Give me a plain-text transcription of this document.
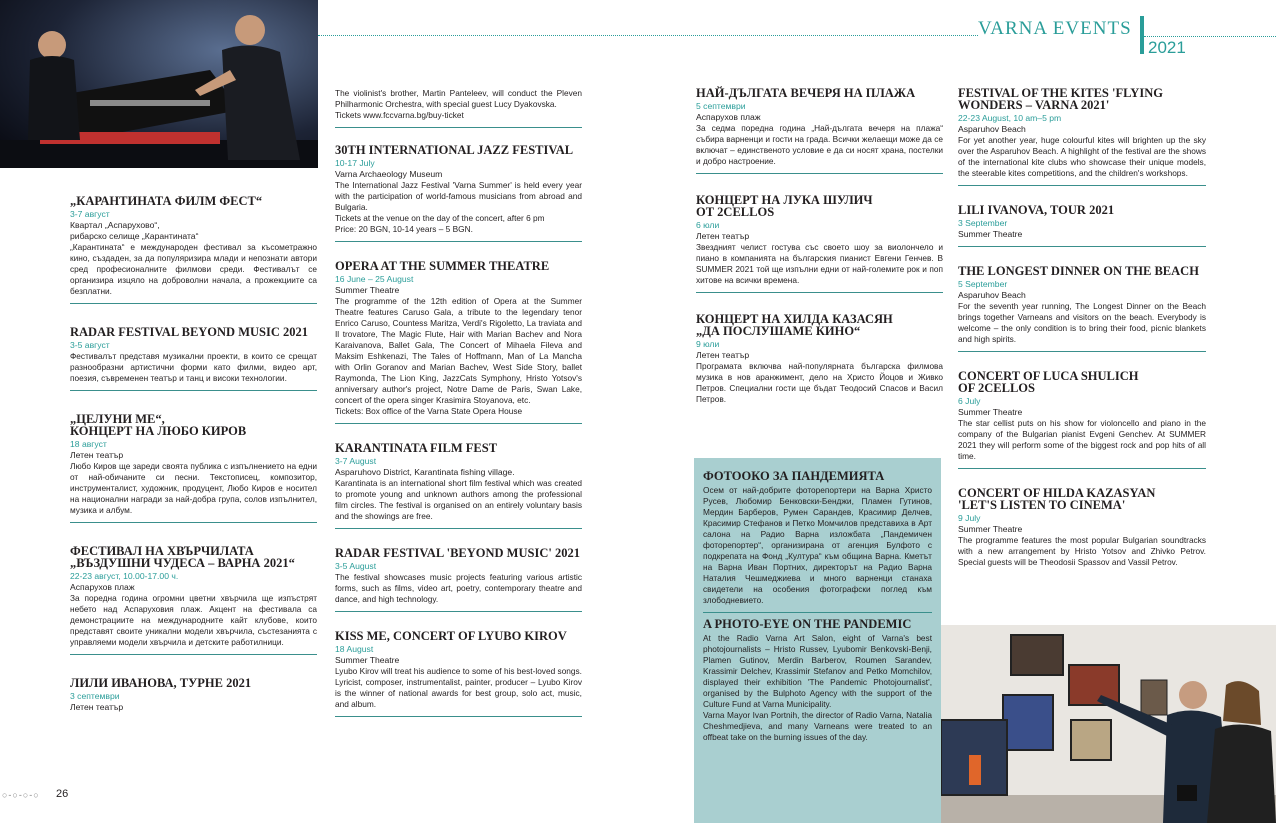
VARNA EVENTS
2021
„КАРАНТИНАТА ФИЛМ ФЕСТ“
3-7 август
Квартал „Аспарухово“,
рибарско селище „Карантината“
„Карантината“ е международен фестивал за късометражно кино, създаден, за да популяризира млади и непознати автори сред професионалните филмови среди. Фестивалът се организира изцяло на доброволни начала, а прожекциите са безплатни.
RADAR FESTIVAL BEYOND MUSIC 2021
3-5 август
Фестивалът представя музикални проекти, в които се срещат разнообразни артистични форми като филми, видео арт, поезия, съвременен театър и танц и високи технологии.
„ЦЕЛУНИ МЕ“,
КОНЦЕРТ НА ЛЮБО КИРОВ
18 август
Летен театър
Любо Киров ще зареди своята публика с изпълнението на едни от най-обичаните си песни. Текстописец, композитор, инструменталист, художник, продуцент, Любо Киров е носител на национални награди за най-добра група, солов изпълнител, музика и албум.
ФЕСТИВАЛ НА ХВЪРЧИЛАТА
„ВЪЗДУШНИ ЧУДЕСА – ВАРНА 2021“
22-23 август, 10.00-17.00 ч.
Аспарухов плаж
За поредна година огромни цветни хвърчила ще изпъстрят небето над Аспаруховия плаж. Акцент на фестивала са демонстрациите на международните кайт клубове, които представят своите уникални модели хвърчила, състезанията с управляеми модели хвърчила и детските работилници.
ЛИЛИ ИВАНОВА, ТУРНЕ 2021
3 септември
Летен театър
The violinist's brother, Martin Panteleev, will conduct the Pleven Philharmonic Orchestra, with special guest Lucy Dyakovska.
Tickets www.fccvarna.bg/buy-ticket
30TH INTERNATIONAL JAZZ FESTIVAL
10-17 July
Varna Archaeology Museum
The International Jazz Festival 'Varna Summer' is held every year with the participation of world-famous musicians from abroad and Bulgaria.
Tickets at the venue on the day of the concert, after 6 pm
Price: 20 BGN, 10-14 years – 5 BGN.
OPERA AT THE SUMMER THEATRE
16 June – 25 August
Summer Theatre
The programme of the 12th edition of Opera at the Summer Theatre features Caruso Gala, a tribute to the legendary tenor Enrico Caruso, Countess Maritza, Verdi's Rigoletto, La traviata and Il trovatore, The Magic Flute, Hair with Marian Bachev and Nora Karaivanova, Ballet Gala, The Concert of Mihaela Fileva and Maksim Eshkenazi, The Tales of Hoffmann, Man of La Mancha with Orlin Goranov and Marian Bachev, West Side Story, ballet Raymonda, The Lion King, JazzCats Symphony, Hristo Yotsov's anniversary author's project, Notre Dame de Paris, Swan Lake, concert of the opera singer Krasimira Stoyanova, etc.
Tickets: Box office of the Varna State Opera House
KARANTINATA FILM FEST
3-7 August
Asparuhovo District, Karantinata fishing village.
Karantinata is an international short film festival which was created to promote young and unknown authors among the professional film circles. The festival is organised on an entirely voluntary basis and the showings are free.
RADAR FESTIVAL 'BEYOND MUSIC' 2021
3-5 August
The festival showcases music projects featuring various artistic forms, such as films, video art, poetry, contemporary theatre and dance, and high technology.
KISS ME, CONCERT OF LYUBO KIROV
18 August
Summer Theatre
Lyubo Kirov will treat his audience to some of his best-loved songs. Lyricist, composer, instrumentalist, painter, producer – Lyubo Kirov is the winner of national awards for best group, solo act, music, and album.
НАЙ-ДЪЛГАТА ВЕЧЕРЯ НА ПЛАЖА
5 септември
Аспарухов плаж
За седма поредна година „Най-дългата вечеря на плажа“ събира варненци и гости на града. Всички желаещи може да се включат – единственото условие е да си носят храна, постелки и добро настроение.
КОНЦЕРТ НА ЛУКА ШУЛИЧ
ОТ 2CELLOS
6 юли
Летен театър
Звездният челист гостува със своето шоу за виолончело и пиано в компанията на българския пианист Евгени Генчев. В SUMMER 2021 той ще изпълни едни от най-големите рок и поп хитове на всички времена.
КОНЦЕРТ НА ХИЛДА КАЗАСЯН
„ДА ПОСЛУШАМЕ КИНО“
9 юли
Летен театър
Програмата включва най-популярната българска филмова музика в нов аранжимент, дело на Христо Йоцов и Живко Петров. Специални гости ще бъдат Теодосий Спасов и Васил Петров.
ФОТООКО ЗА ПАНДЕМИЯТА
Осем от най-добрите фоторепортери на Варна Христо Русев, Любомир Бенковски-Бенджи, Пламен Гутинов, Мердин Барберов, Румен Сарандев, Красимир Делчев, Красимир Стефанов и Петко Момчилов представиха в Арт салона на Радио Варна изложбата „Пандемичен фоторепортер“, организирана от агенция Булфото с подкрепата на Фонд „Култура“ към община Варна. Кметът на Варна Иван Портних, директорът на Радио Варна Наталия Чешмеджиева и много варненци станаха свидетели на особения фотографски поглед към злободневието.
A PHOTO-EYE ON THE PANDEMIC
At the Radio Varna Art Salon, eight of Varna's best photojournalists – Hristo Russev, Lyubomir Benkovski-Benji, Plamen Gutinov, Merdin Barberov, Roumen Sarandev, Krassimir Delchev, Krassimir Stefanov and Petko Momchilov, displayed their exhibition 'The Pandemic Photojournalist', organised by the Bulphoto Agency with the support of the Culture Fund at Varna Municipality.
Varna Mayor Ivan Portnih, the director of Radio Varna, Natalia Cheshmedjieva, and many Varneans were treated to an offbeat take on the burning issues of the day.
FESTIVAL OF THE KITES 'FLYING
WONDERS – VARNA 2021'
22-23 August, 10 am–5 pm
Asparuhov Beach
For yet another year, huge colourful kites will brighten up the sky over the Asparuhov Beach. A highlight of the festival are the shows of the international kite clubs who showcase their unique models, the steerable kites competitions, and the children's workshops.
LILI IVANOVA, TOUR 2021
3 September
Summer Theatre
THE LONGEST DINNER ON THE BEACH
5 September
Asparuhov Beach
For the seventh year running, The Longest Dinner on the Beach brings together Varneans and visitors on the beach. Everybody is welcome – the only condition is to bring their food, picnic blankets and high spirits.
CONCERT OF LUCA SHULICH
OF 2CELLOS
6 July
Summer Theatre
The star cellist puts on his show for violoncello and piano in the company of the Bulgarian pianist Evgeni Genchev. At SUMMER 2021 they will perform some of the biggest rock and pop hits of all time.
CONCERT OF HILDA KAZASYAN
'LET'S LISTEN TO CINEMA'
9 July
Summer Theatre
The programme features the most popular Bulgarian soundtracks with a new arrangement by Hristo Yotsov and Zhivko Petrov. Special guests will be Theodosii Spassov and Vassil Petrov.
○-○-○-○ 26
